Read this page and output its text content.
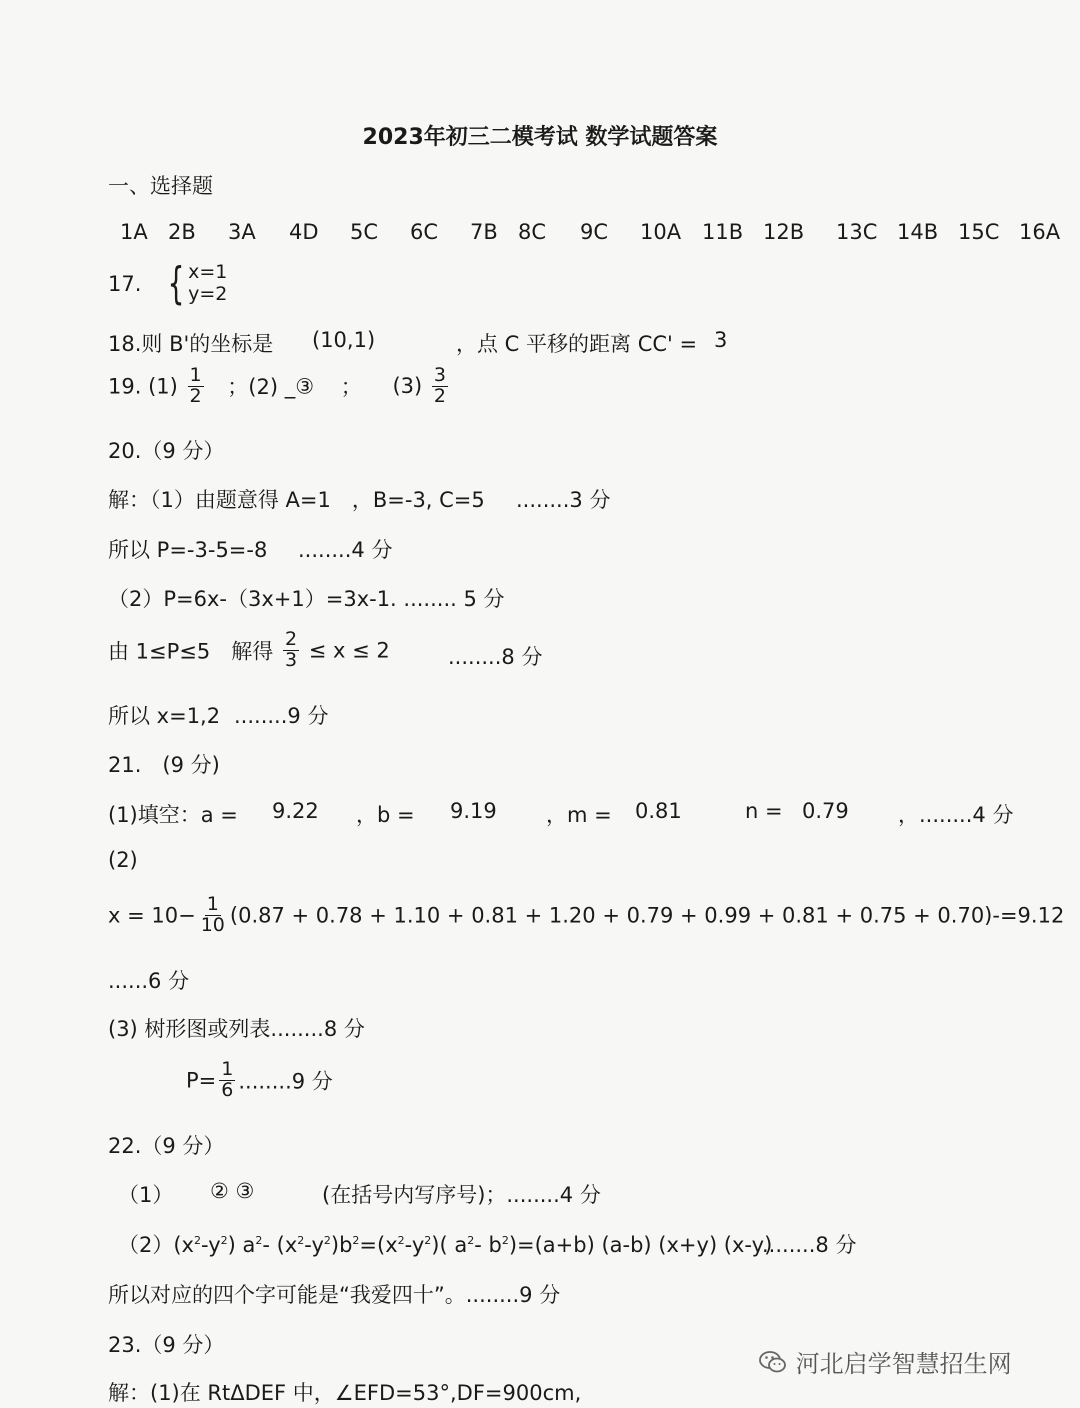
2023年初三二模考试 数学试题答案
一、选择题
1A 2B 3A 4D 5C 6C 7B 8C 9C 10A 11B 12B 13C 14B 15C 16A
17. { x=1
y=2
18.则 B'的坐标是 (10,1)	，点 C 平移的距离 CC' = 3
19. $(1) \frac{1}{2}$ ；(2) _③ ； $(3) \frac{3}{2}$
20.（9 分）
解：（1）由题意得 A=1　，B=-3, C=5 ........3 分
所以 P=-3-5=-8 ........4 分
（2）P=6x-（3x+1）=3x-1. ........ 5 分
由 1≤P≤5　解得 $\frac{2}{3} \le x \le 2$	........8 分
所以 x=1,2 ........9 分
21.　(9 分)
(1)填空：a = 9.22 ，b = 9.19 ，m = 0.81	n = 0.79 ，........4 分
(2)
$x = 10- \frac{1}{10} (0.87 + 0.78 + 1.10 + 0.81 + 1.20 + 0.79 + 0.99 + 0.81 + 0.75 + 0.70)-=9.12$
......6 分
(3) 树形图或列表........8 分
$P= \frac{1}{6} ........9$ 分
22.（9 分）
（1） ② ③	(在括号内写序号)；........4 分
$(2)(x^2-y^2)$ $a^2-$ $(x^2-y^2)b^2=(x^2-y^2)$( $a^2-$ $b^2)=(a+b)$ (a-b) (x+y) (x-y)
........8 分
所以对应的四个字可能是“我爱四十”。........9 分
23.（9 分）
解：(1)在 RtΔDEF 中，∠EFD=53°,DF=900cm,
河北启学智慧招生网
